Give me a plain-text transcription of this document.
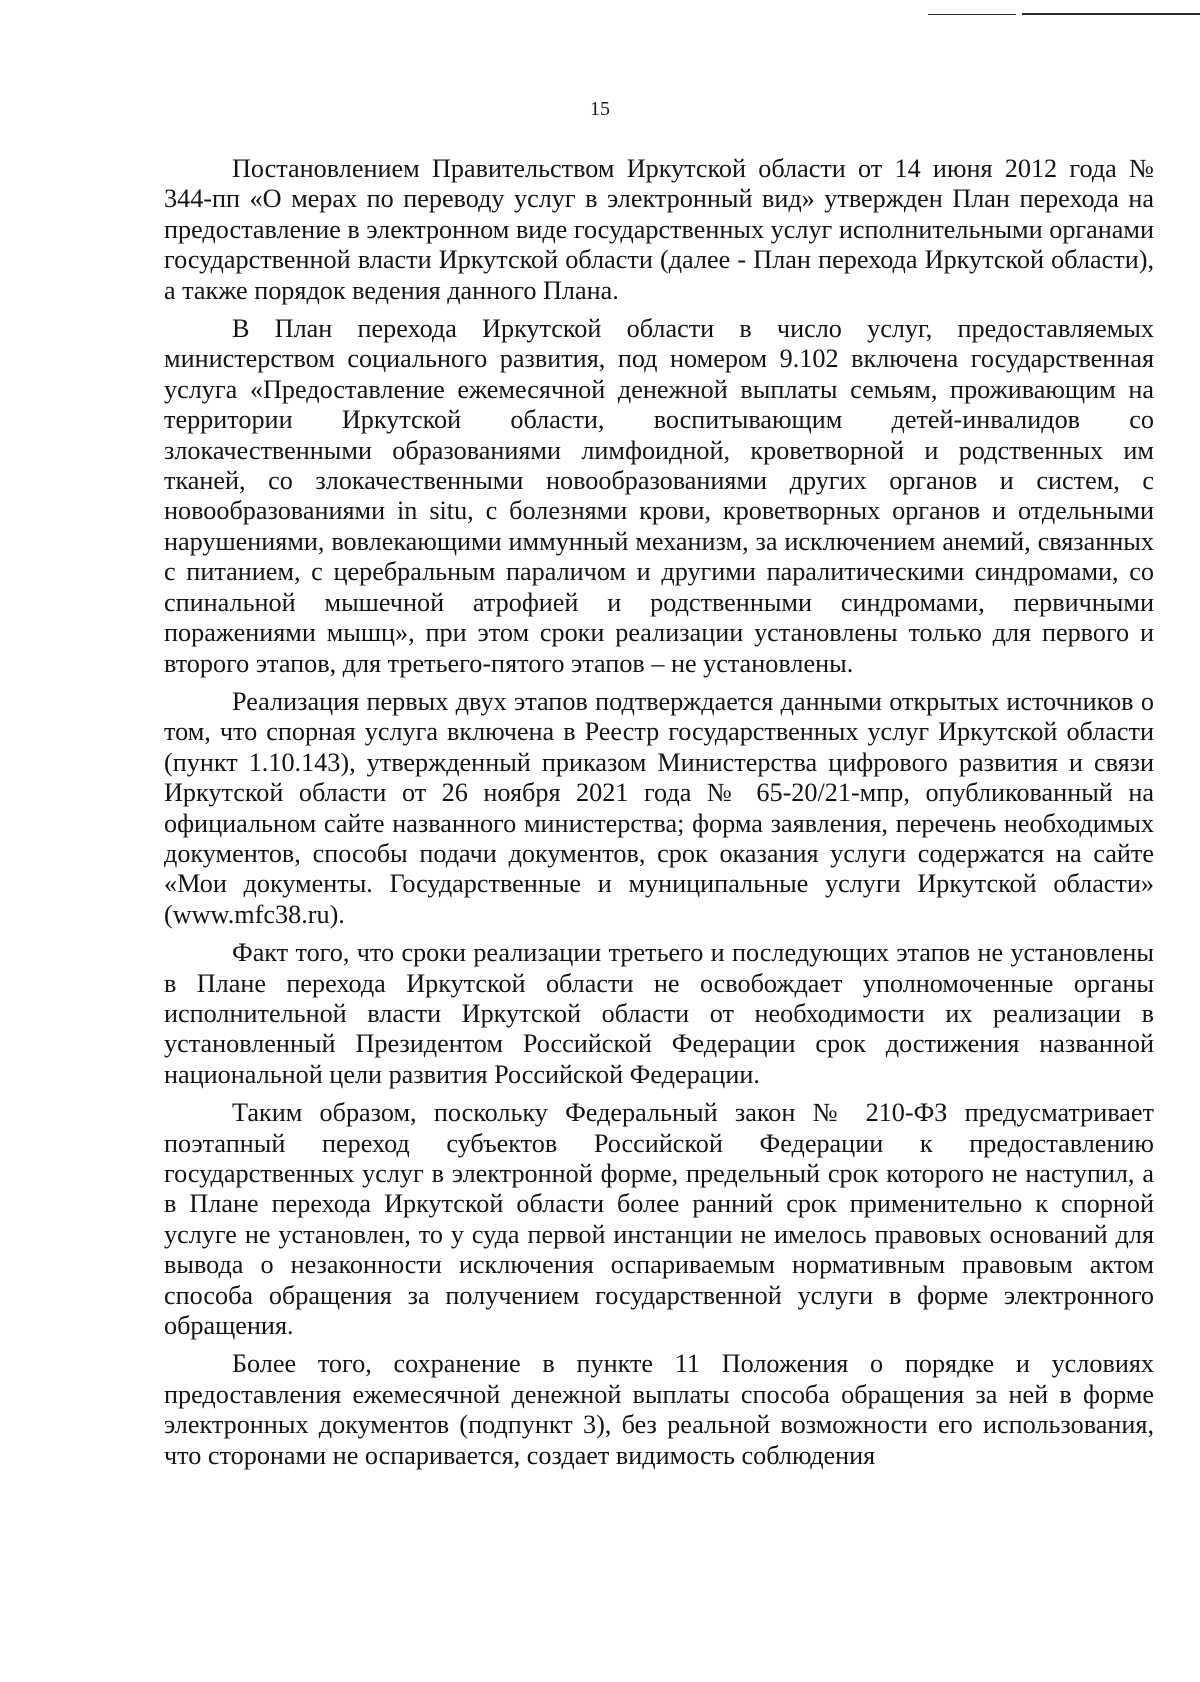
15

Постановлением Правительством Иркутской области от 14 июня 2012 года № 344-пп «О мерах по переводу услуг в электронный вид» утвержден План перехода на предоставление в электронном виде государственных услуг исполнительными органами государственной власти Иркутской области (далее - План перехода Иркутской области), а также порядок ведения данного Плана.

В План перехода Иркутской области в число услуг, предоставляемых министерством социального развития, под номером 9.102 включена государственная услуга «Предоставление ежемесячной денежной выплаты семьям, проживающим на территории Иркутской области, воспитывающим детей-инвалидов со злокачественными образованиями лимфоидной, кроветворной и родственных им тканей, со злокачественными новообразованиями других органов и систем, с новообразованиями in situ, с болезнями крови, кроветворных органов и отдельными нарушениями, вовлекающими иммунный механизм, за исключением анемий, связанных с питанием, с церебральным параличом и другими паралитическими синдромами, со спинальной мышечной атрофией и родственными синдромами, первичными поражениями мышц», при этом сроки реализации установлены только для первого и второго этапов, для третьего-пятого этапов – не установлены.

Реализация первых двух этапов подтверждается данными открытых источников о том, что спорная услуга включена в Реестр государственных услуг Иркутской области (пункт 1.10.143), утвержденный приказом Министерства цифрового развития и связи Иркутской области от 26 ноября 2021 года № 65-20/21-мпр, опубликованный на официальном сайте названного министерства; форма заявления, перечень необходимых документов, способы подачи документов, срок оказания услуги содержатся на сайте «Мои документы. Государственные и муниципальные услуги Иркутской области» (www.mfc38.ru).

Факт того, что сроки реализации третьего и последующих этапов не установлены в Плане перехода Иркутской области не освобождает уполномоченные органы исполнительной власти Иркутской области от необходимости их реализации в установленный Президентом Российской Федерации срок достижения названной национальной цели развития Российской Федерации.

Таким образом, поскольку Федеральный закон № 210-ФЗ предусматривает поэтапный переход субъектов Российской Федерации к предоставлению государственных услуг в электронной форме, предельный срок которого не наступил, а в Плане перехода Иркутской области более ранний срок применительно к спорной услуге не установлен, то у суда первой инстанции не имелось правовых оснований для вывода о незаконности исключения оспариваемым нормативным правовым актом способа обращения за получением государственной услуги в форме электронного обращения.

Более того, сохранение в пункте 11 Положения о порядке и условиях предоставления ежемесячной денежной выплаты способа обращения за ней в форме электронных документов (подпункт 3), без реальной возможности его использования, что сторонами не оспаривается, создает видимость соблюдения
